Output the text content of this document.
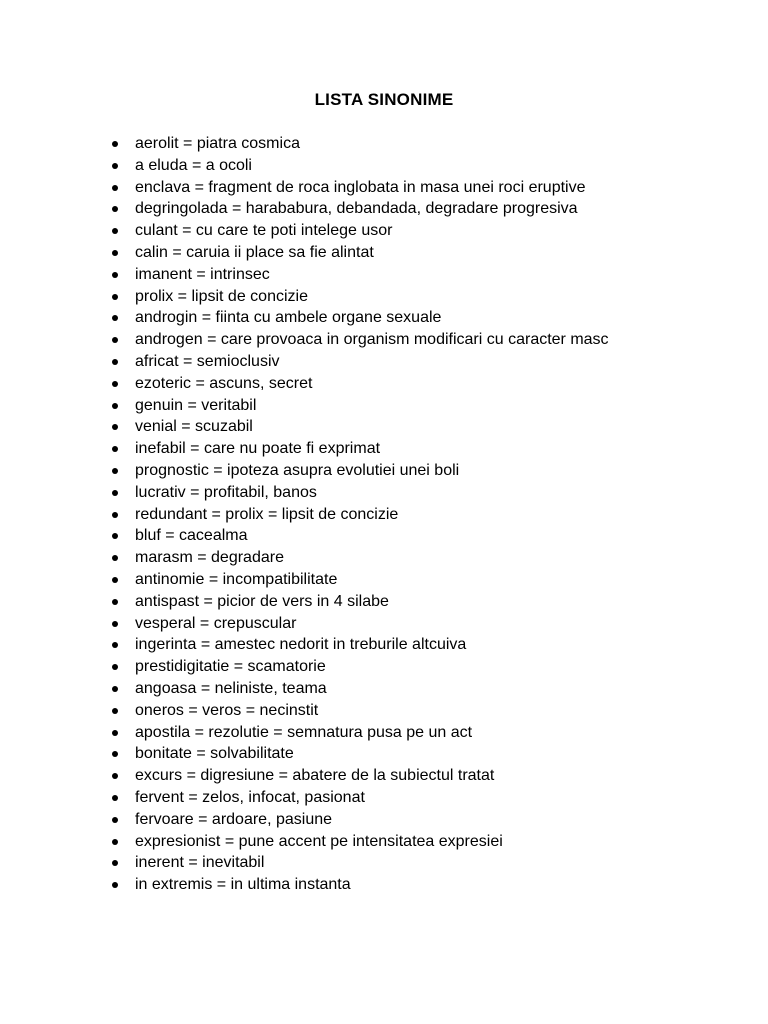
LISTA SINONIME
aerolit = piatra cosmica
a eluda = a ocoli
enclava = fragment de roca inglobata in masa unei roci eruptive
degringolada = harababura, debandada, degradare progresiva
culant = cu care te poti intelege usor
calin = caruia ii place sa fie alintat
imanent = intrinsec
prolix = lipsit de concizie
androgin = fiinta cu ambele organe sexuale
androgen = care provoaca in organism modificari cu caracter masc
africat = semioclusiv
ezoteric = ascuns, secret
genuin = veritabil
venial = scuzabil
inefabil = care nu poate fi exprimat
prognostic = ipoteza asupra evolutiei unei boli
lucrativ = profitabil, banos
redundant = prolix = lipsit de concizie
bluf = cacealma
marasm = degradare
antinomie = incompatibilitate
antispast = picior de vers in 4 silabe
vesperal = crepuscular
ingerinta = amestec nedorit in treburile altcuiva
prestidigitatie = scamatorie
angoasa = neliniste, teama
oneros = veros = necinstit
apostila = rezolutie = semnatura pusa pe un act
bonitate = solvabilitate
excurs = digresiune = abatere de la subiectul tratat
fervent = zelos, infocat, pasionat
fervoare = ardoare, pasiune
expresionist = pune accent pe intensitatea expresiei
inerent = inevitabil
in extremis = in ultima instanta
